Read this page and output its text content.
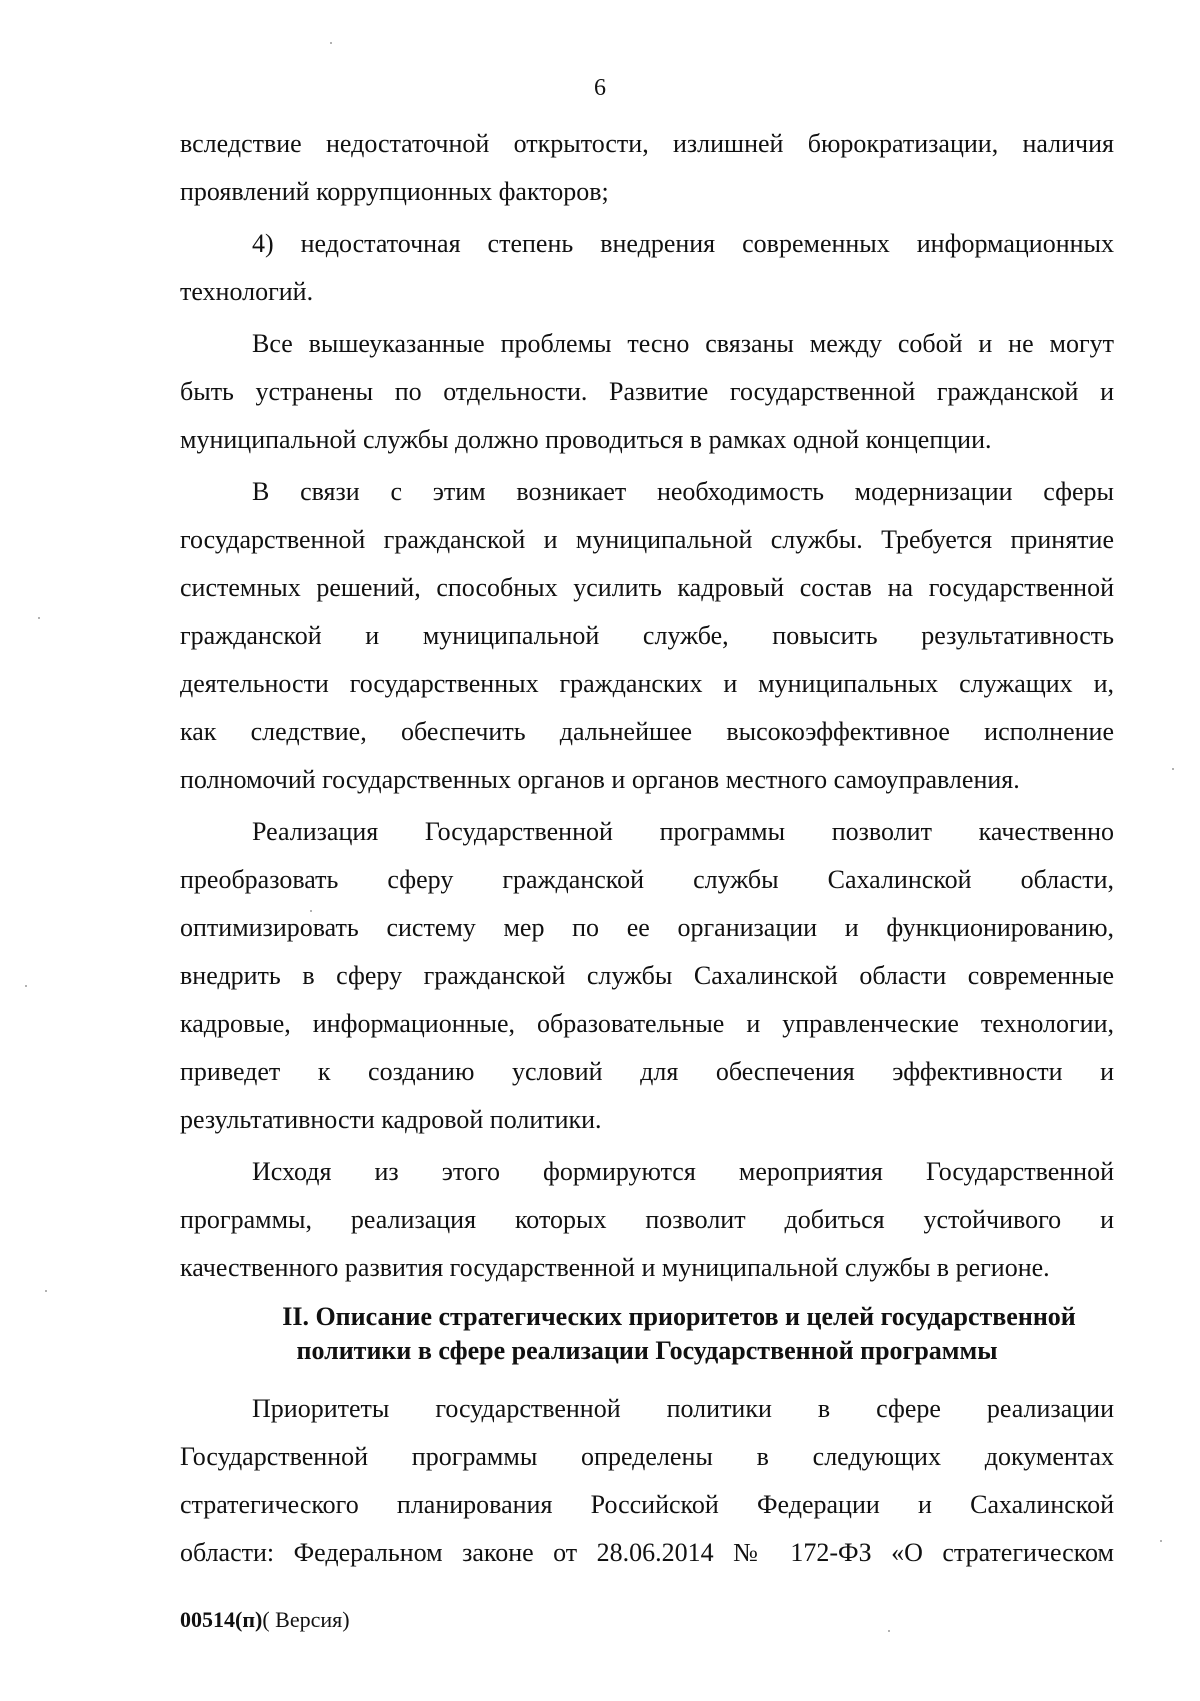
6
вследствие недостаточной открытости, излишней бюрократизации, наличия
проявлений коррупционных факторов;
4) недостаточная степень внедрения современных информационных
технологий.
Все вышеуказанные проблемы тесно связаны между собой и не могут
быть устранены по отдельности. Развитие государственной гражданской и
муниципальной службы должно проводиться в рамках одной концепции.
В связи с этим возникает необходимость модернизации сферы
государственной гражданской и муниципальной службы. Требуется принятие
системных решений, способных усилить кадровый состав на государственной
гражданской и муниципальной службе, повысить результативность
деятельности государственных гражданских и муниципальных служащих и,
как следствие, обеспечить дальнейшее высокоэффективное исполнение
полномочий государственных органов и органов местного самоуправления.
Реализация Государственной программы позволит качественно
преобразовать сферу гражданской службы Сахалинской области,
оптимизировать систему мер по ее организации и функционированию,
внедрить в сферу гражданской службы Сахалинской области современные
кадровые, информационные, образовательные и управленческие технологии,
приведет к созданию условий для обеспечения эффективности и
результативности кадровой политики.
Исходя из этого формируются мероприятия Государственной
программы, реализация которых позволит добиться устойчивого и
качественного развития государственной и муниципальной службы в регионе.
II. Описание стратегических приоритетов и целей государственной
политики в сфере реализации Государственной программы
Приоритеты государственной политики в сфере реализации
Государственной программы определены в следующих документах
стратегического планирования Российской Федерации и Сахалинской
области: Федеральном законе от 28.06.2014 № 172-ФЗ «О стратегическом
00514(п)( Версия)
